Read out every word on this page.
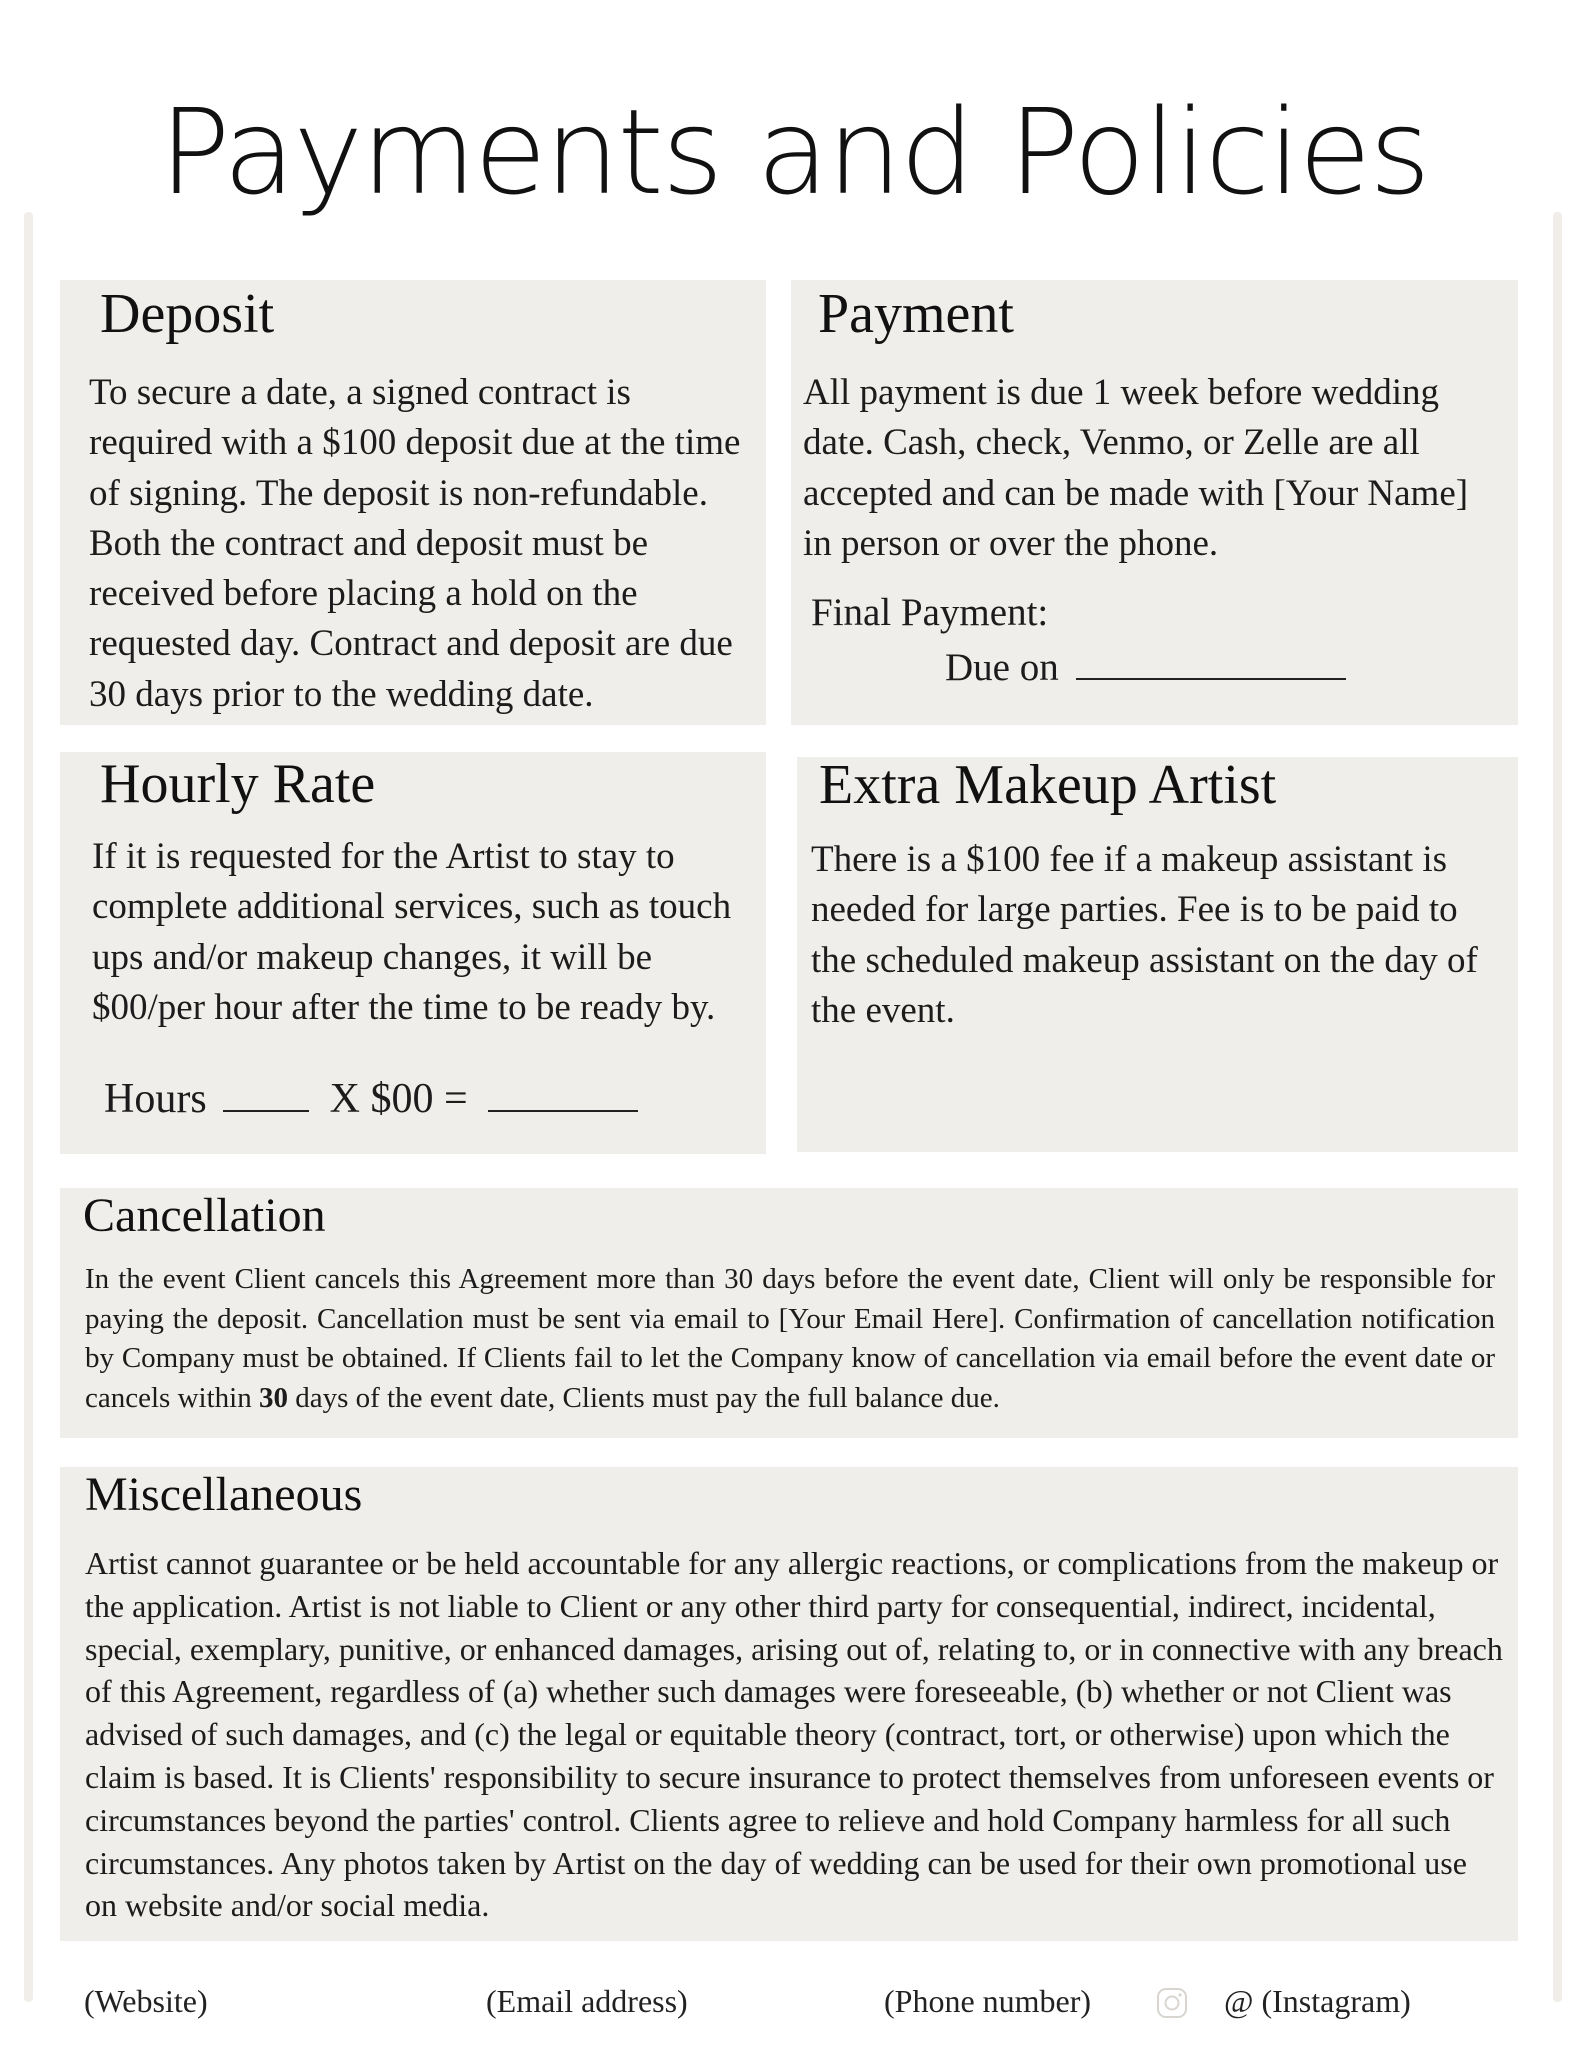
Payments and Policies
Deposit

To secure a date, a signed contract is required with a $100 deposit due at the time of signing. The deposit is non-refundable. Both the contract and deposit must be received before placing a hold on the requested day. Contract and deposit are due 30 days prior to the wedding date.

Payment

All payment is due 1 week before wedding date. Cash, check, Venmo, or Zelle are all accepted and can be made with [Your Name] in person or over the phone.

Final Payment:
Due on
Hourly Rate

If it is requested for the Artist to stay to complete additional services, such as touch ups and/or makeup changes, it will be $00/per hour after the time to be ready by.

Hours	X $00 =
Extra Makeup Artist

There is a $100 fee if a makeup assistant is needed for large parties. Fee is to be paid to the scheduled makeup assistant on the day of the event.

Cancellation

In the event Client cancels this Agreement more than 30 days before the event date, Client will only be responsible for paying the deposit. Cancellation must be sent via email to [Your Email Here]. Confirmation of cancellation notification by Company must be obtained. If Clients fail to let the Company know of cancellation via email before the event date or cancels within 30 days of the event date, Clients must pay the full balance due.

Miscellaneous

Artist cannot guarantee or be held accountable for any allergic reactions, or complications from the makeup or the application. Artist is not liable to Client or any other third party for consequential, indirect, incidental, special, exemplary, punitive, or enhanced damages, arising out of, relating to, or in connective with any breach of this Agreement, regardless of (a) whether such damages were foreseeable, (b) whether or not Client was advised of such damages, and (c) the legal or equitable theory (contract, tort, or otherwise) upon which the claim is based. It is Clients' responsibility to secure insurance to protect themselves from unforeseen events or circumstances beyond the parties' control. Clients agree to relieve and hold Company harmless for all such circumstances. Any photos taken by Artist on the day of wedding can be used for their own promotional use on website and/or social media.

(Website)	(Email address)	(Phone number)	@ (Instagram)
